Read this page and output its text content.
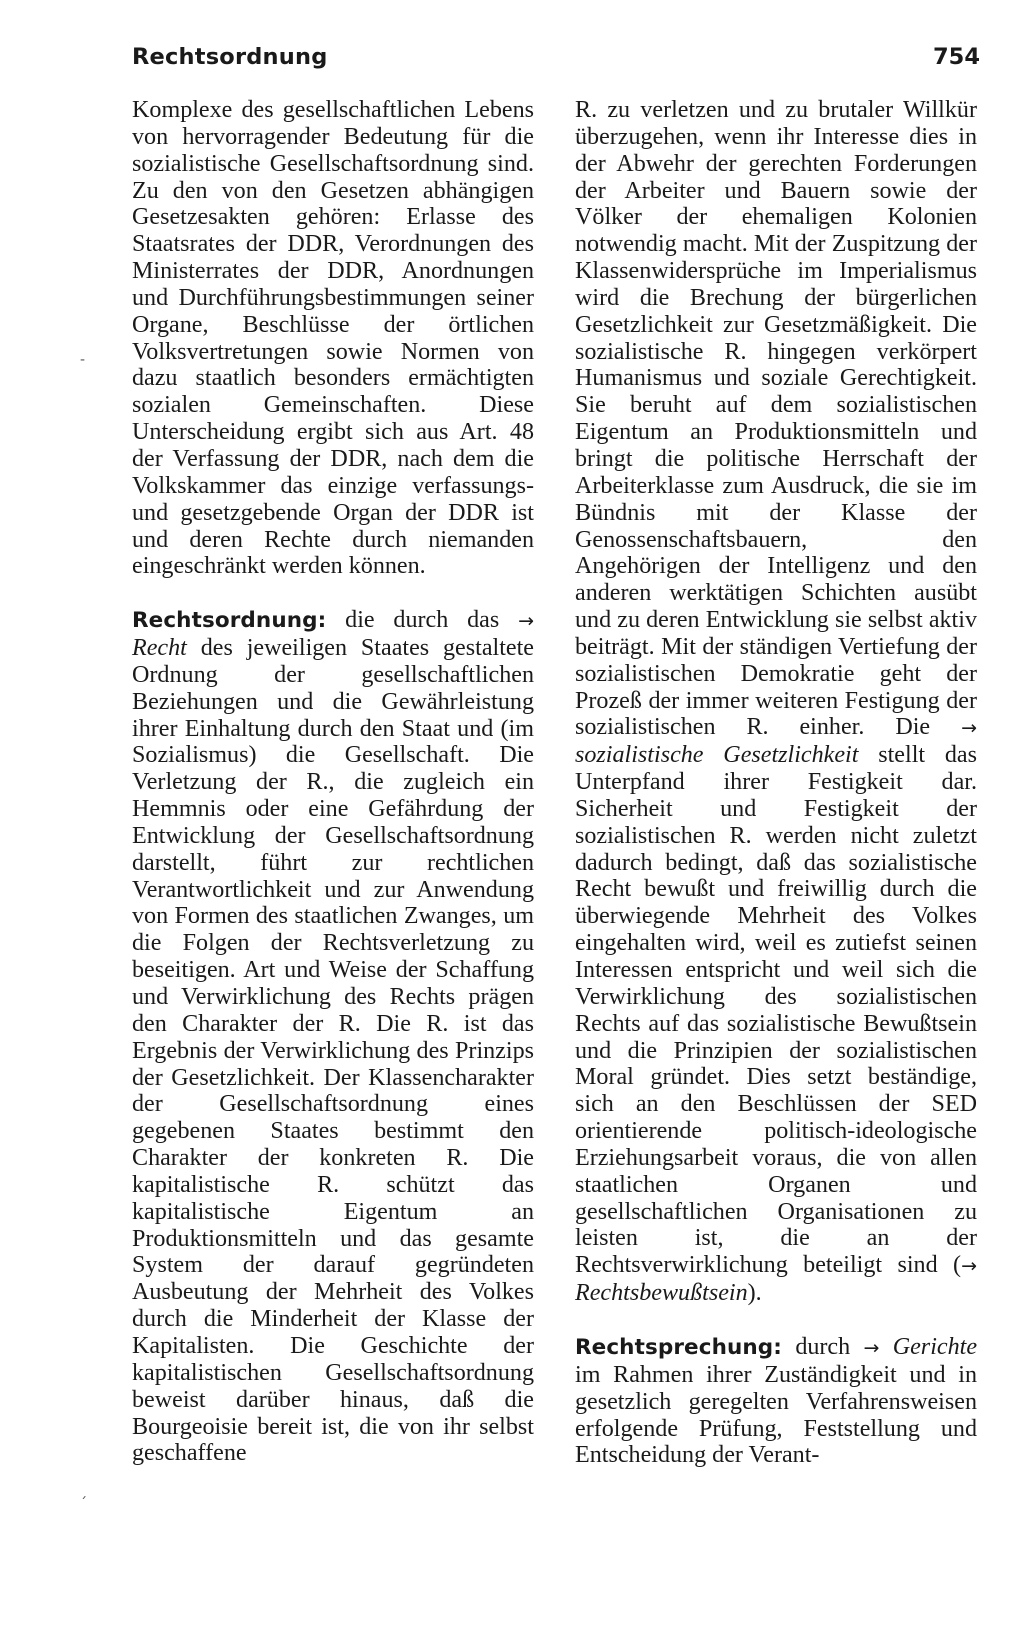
Rechtsordnung	754

Komplexe des gesellschaftlichen Lebens von hervorragender Bedeutung für die sozialistische Gesellschaftsordnung sind. Zu den von den Gesetzen abhängigen Gesetzesakten gehören: Erlasse des Staatsrates der DDR, Verordnungen des Ministerrates der DDR, Anordnungen und Durchführungsbestimmungen seiner Organe, Beschlüsse der örtlichen Volksvertretungen sowie Normen von dazu staatlich besonders ermächtigten sozialen Gemeinschaften. Diese Unterscheidung ergibt sich aus Art. 48 der Verfassung der DDR, nach dem die Volkskammer das einzige verfassungs- und gesetzgebende Organ der DDR ist und deren Rechte durch niemanden eingeschränkt werden können.

Rechtsordnung: die durch das → Recht des jeweiligen Staates gestaltete Ordnung der gesellschaftlichen Beziehungen und die Gewährleistung ihrer Einhaltung durch den Staat und (im Sozialismus) die Gesellschaft. Die Verletzung der R., die zugleich ein Hemmnis oder eine Gefährdung der Entwicklung der Gesellschaftsordnung darstellt, führt zur rechtlichen Verantwortlichkeit und zur Anwendung von Formen des staatlichen Zwanges, um die Folgen der Rechtsverletzung zu beseitigen. Art und Weise der Schaffung und Verwirklichung des Rechts prägen den Charakter der R. Die R. ist das Ergebnis der Verwirklichung des Prinzips der Gesetzlichkeit. Der Klassencharakter der Gesellschaftsordnung eines gegebenen Staates bestimmt den Charakter der konkreten R. Die kapitalistische R. schützt das kapitalistische Eigentum an Produktionsmitteln und das gesamte System der darauf gegründeten Ausbeutung der Mehrheit des Volkes durch die Minderheit der Klasse der Kapitalisten. Die Geschichte der kapitalistischen Gesellschaftsordnung beweist darüber hinaus, daß die Bourgeoisie bereit ist, die von ihr selbst geschaffene

R. zu verletzen und zu brutaler Willkür überzugehen, wenn ihr Interesse dies in der Abwehr der gerechten Forderungen der Arbeiter und Bauern sowie der Völker der ehemaligen Kolonien notwendig macht. Mit der Zuspitzung der Klassenwidersprüche im Imperialismus wird die Brechung der bürgerlichen Gesetzlichkeit zur Gesetzmäßigkeit. Die sozialistische R. hingegen verkörpert Humanismus und soziale Gerechtigkeit. Sie beruht auf dem sozialistischen Eigentum an Produktionsmitteln und bringt die politische Herrschaft der Arbeiterklasse zum Ausdruck, die sie im Bündnis mit der Klasse der Genossenschaftsbauern, den Angehörigen der Intelligenz und den anderen werktätigen Schichten ausübt und zu deren Entwicklung sie selbst aktiv beiträgt. Mit der ständigen Vertiefung der sozialistischen Demokratie geht der Prozeß der immer weiteren Festigung der sozialistischen R. einher. Die → sozialistische Gesetzlichkeit stellt das Unterpfand ihrer Festigkeit dar. Sicherheit und Festigkeit der sozialistischen R. werden nicht zuletzt dadurch bedingt, daß das sozialistische Recht bewußt und freiwillig durch die überwiegende Mehrheit des Volkes eingehalten wird, weil es zutiefst seinen Interessen entspricht und weil sich die Verwirklichung des sozialistischen Rechts auf das sozialistische Bewußtsein und die Prinzipien der sozialistischen Moral gründet. Dies setzt beständige, sich an den Beschlüssen der SED orientierende politisch-ideologische Erziehungsarbeit voraus, die von allen staatlichen Organen und gesellschaftlichen Organisationen zu leisten ist, die an der Rechtsverwirklichung beteiligt sind (→ Rechtsbewußtsein).

Rechtsprechung: durch → Gerichte im Rahmen ihrer Zuständigkeit und in gesetzlich geregelten Verfahrensweisen erfolgende Prüfung, Feststellung und Entscheidung der Verant-

-
ˊ
